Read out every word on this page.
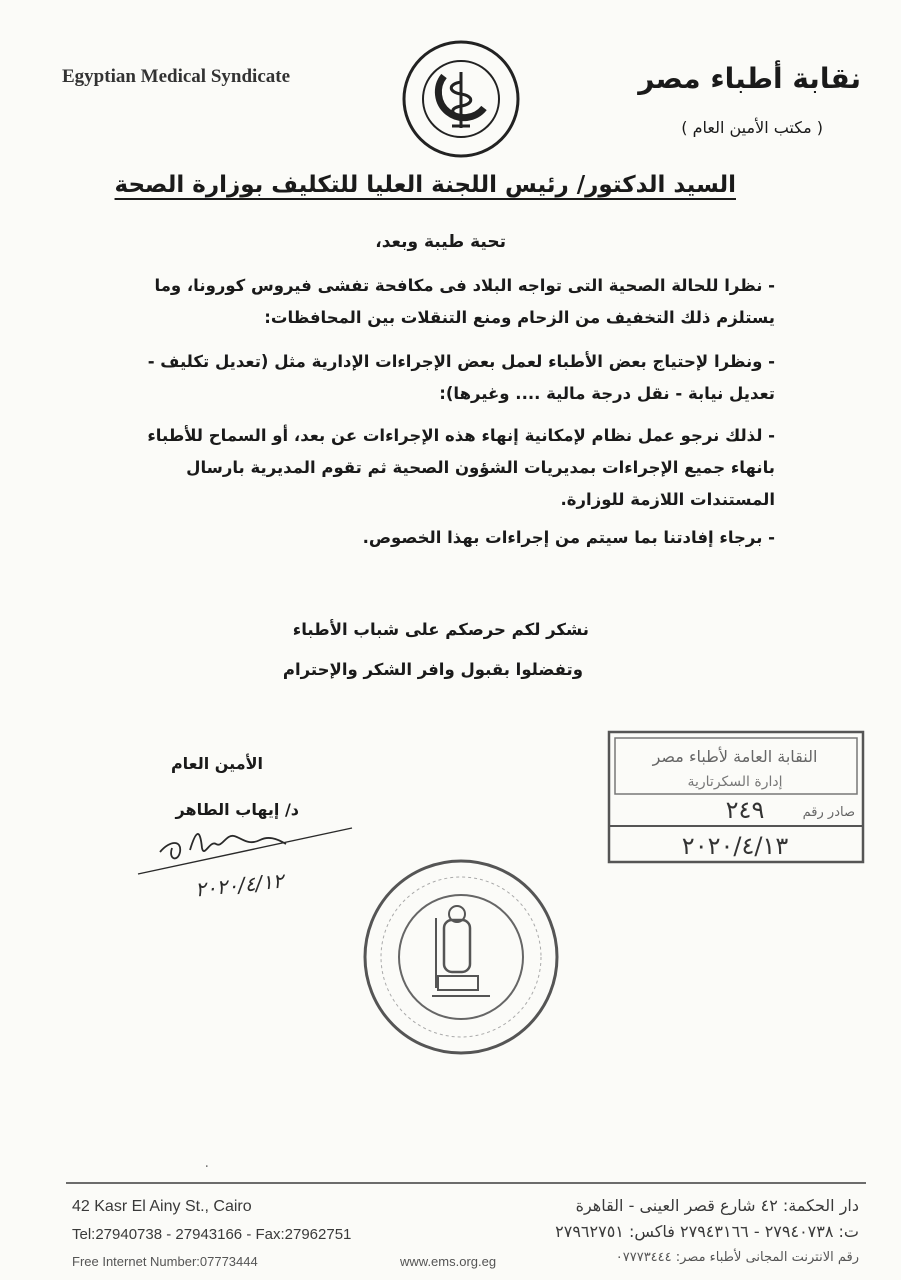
Egyptian Medical Syndicate	نقابة أطباء مصر
( مكتب الأمين العام )
السيد الدكتور/ رئيس اللجنة العليا للتكليف بوزارة الصحة
تحية طيبة وبعد،
- نظرا للحالة الصحية التى تواجه البلاد فى مكافحة تفشى فيروس كورونا، وما يستلزم ذلك التخفيف من الزحام ومنع التنقلات بين المحافظات:
- ونظرا لإحتياج بعض الأطباء لعمل بعض الإجراءات الإدارية مثل (تعديل تكليف - تعديل نيابة - نقل درجة مالية .... وغيرها):
- لذلك نرجو عمل نظام لإمكانية إنهاء هذه الإجراءات عن بعد، أو السماح للأطباء بانهاء جميع الإجراءات بمديريات الشؤون الصحية ثم تقوم المديرية بارسال المستندات اللازمة للوزارة.
- برجاء إفادتنا بما سيتم من إجراءات بهذا الخصوص.
نشكر لكم حرصكم على شباب الأطباء
وتفضلوا بقبول وافر الشكر والإحترام
الأمين العام
د/ إيهاب الطاهر
٢٠٢٠/٤/١٢
النقابة العامة لأطباء مصر
إدارة السكرتارية
صادر رقم
٢٤٩
٢٠٢٠/٤/١٣
٠
42 Kasr El Ainy St., Cairo
Tel:27940738 - 27943166 - Fax:27962751
Free Internet Number:07773444	www.ems.org.eg
دار الحكمة: ٤٢ شارع قصر العينى - القاهرة
ت: ٢٧٩٤٠٧٣٨ - ٢٧٩٤٣١٦٦ فاكس: ٢٧٩٦٢٧٥١
رقم الانترنت المجانى لأطباء مصر: ٠٧٧٧٣٤٤٤
